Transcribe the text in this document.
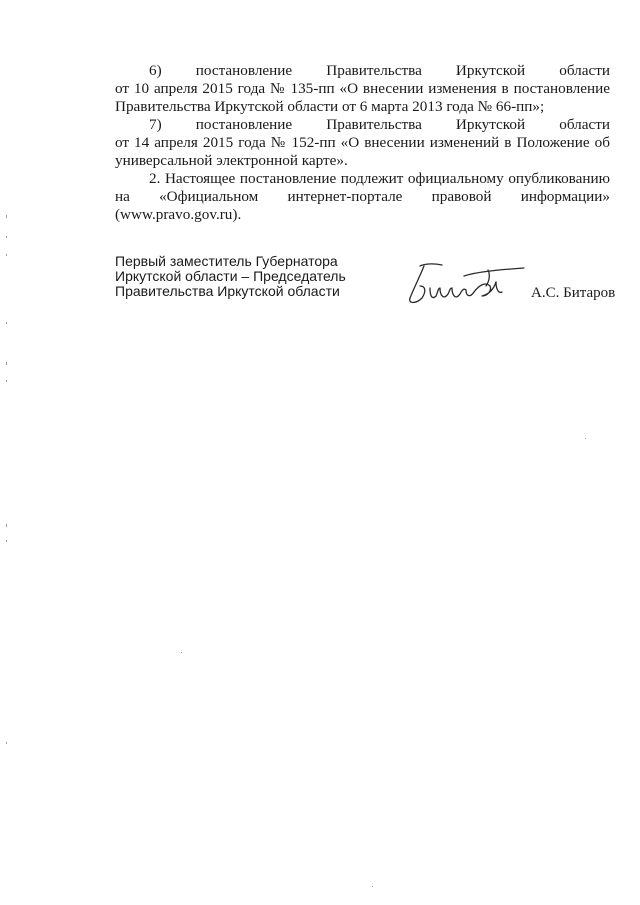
6) постановление Правительства Иркутской области
от 10 апреля 2015 года № 135-пп «О внесении изменения в постановление
Правительства Иркутской области от 6 марта 2013 года № 66-пп»;
7) постановление Правительства Иркутской области
от 14 апреля 2015 года № 152-пп «О внесении изменений в Положение об
универсальной электронной карте».
2. Настоящее постановление подлежит официальному опубликованию
на «Официальном интернет-портале правовой информации»
(www.pravo.gov.ru).
Первый заместитель Губернатора
Иркутской области – Председатель
Правительства Иркутской области	А.С. Битаров
